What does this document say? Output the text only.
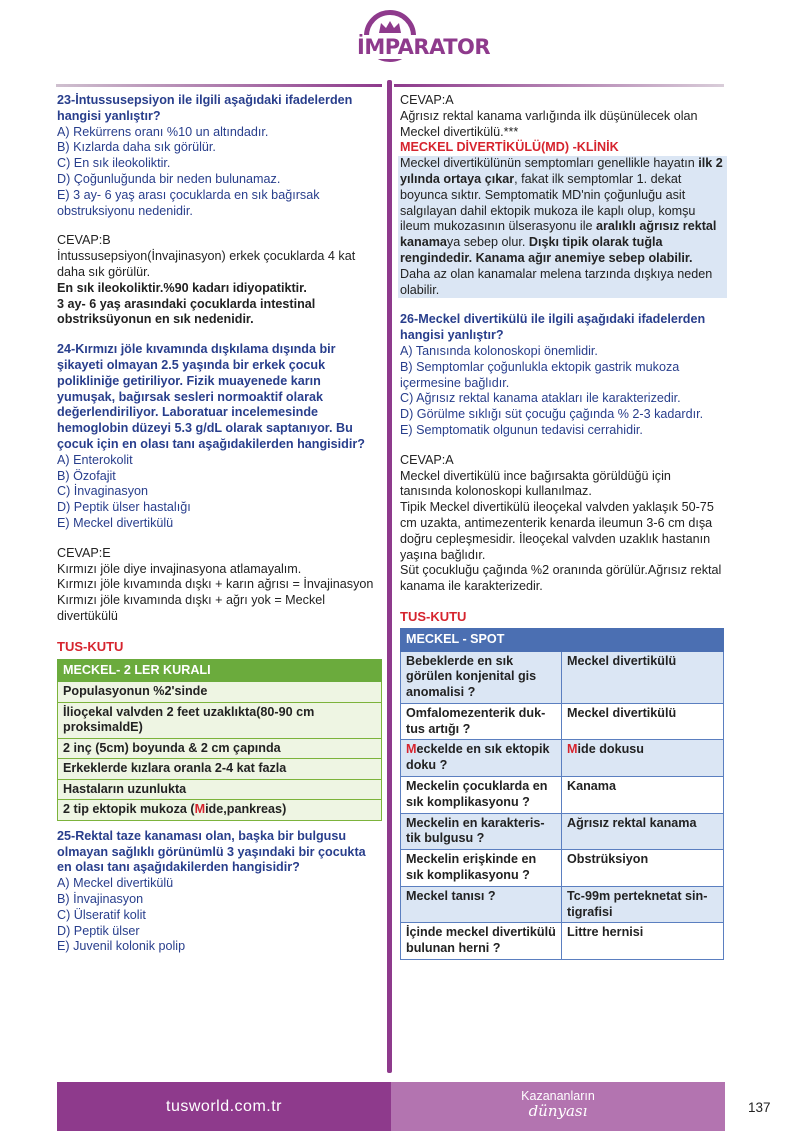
İMPARATOR

23-İntussusepsiyon ile ilgili aşağıdaki ifadelerden hangisi yanlıştır?

A) Rekürrens oranı %10 un altındadır.

B) Kızlarda daha sık görülür.

C) En sık ileokoliktir.

D) Çoğunluğunda bir neden bulunamaz.

E) 3 ay- 6 yaş arası çocuklarda en sık bağırsak obstruksiyonu nedenidir.

CEVAP:B

İntussusepsiyon(İnvajinasyon) erkek çocuklarda 4 kat daha sık görülür.

En sık ileokoliktir.%90 kadarı idiyopatiktir.

3 ay- 6 yaş arasındaki çocuklarda intestinal obstriksüyonun en sık nedenidir.

24-Kırmızı jöle kıvamında dışkılama dışında bir şikayeti olmayan 2.5 yaşında bir erkek çocuk polikliniğe getiriliyor. Fizik muayenede karın yumuşak, bağırsak sesleri normoaktif olarak değerlendiriliyor. Laboratuar incelemesinde hemoglobin düzeyi 5.3 g/dL olarak saptanıyor. Bu çocuk için en olası tanı aşağıdakilerden hangisidir?

A) Enterokolit

B) Özofajit

C) İnvaginasyon

D) Peptik ülser hastalığı

E) Meckel divertikülü

CEVAP:E

Kırmızı jöle diye invajinasyona atlamayalım.

Kırmızı jöle kıvamında dışkı + karın ağrısı = İnvajinasyon

Kırmızı jöle kıvamında dışkı + ağrı yok = Meckel divertükülü

TUS-KUTU

MECKEL- 2 LER KURALI
Populasyonun %2'sinde
İlioçekal valvden 2 feet uzaklıkta(80-90 cm proksimaldE)
2 inç (5cm) boyunda & 2 cm çapında
Erkeklerde kızlara oranla 2-4 kat fazla
Hastaların uzunlukta
2 tip ektopik mukoza (Mide,pankreas)

25-Rektal taze kanaması olan, başka bir bulgusu olmayan sağlıklı görünümlü 3 yaşındaki bir çocukta en olası tanı aşağıdakilerden hangisidir?

A) Meckel divertikülü

B) İnvajinasyon

C) Ülseratif kolit

D) Peptik ülser

E) Juvenil kolonik polip

CEVAP:A

Ağrısız rektal kanama varlığında ilk düşünülecek olan Meckel divertikülü.***

MECKEL DİVERTİKÜLÜ(MD) -KLİNİK

Meckel divertikülünün semptomları genellikle hayatın ilk 2 yılında ortaya çıkar, fakat ilk semptomlar 1. dekat boyunca sıktır. Semptomatik MD'nin çoğunluğu asit salgılayan dahil ektopik mukoza ile kaplı olup, komşu ileum mukozasının ülserasyonu ile aralıklı ağrısız rektal kanamaya sebep olur. Dışkı tipik olarak tuğla rengindedir. Kanama ağır anemiye sebep olabilir. Daha az olan kanamalar melena tarzında dışkıya neden olabilir.

26-Meckel divertikülü ile ilgili aşağıdaki ifadelerden hangisi yanlıştır?

A) Tanısında kolonoskopi önemlidir.

B) Semptomlar çoğunlukla ektopik gastrik mukoza içermesine bağlıdır.

C) Ağrısız rektal kanama atakları ile karakterizedir.

D) Görülme sıklığı süt çocuğu çağında % 2-3 kadardır.

E) Semptomatik olgunun tedavisi cerrahidir.

CEVAP:A

Meckel divertikülü ince bağırsakta görüldüğü için tanısında kolonoskopi kullanılmaz.

Tipik Meckel divertikülü ileoçekal valvden yaklaşık 50-75 cm uzakta, antimezenterik kenarda ileumun 3-6 cm dışa doğru cepleşmesidir. İleoçekal valvden uzaklık hastanın yaşına bağlıdır.

Süt çocukluğu çağında %2 oranında görülür.Ağrısız rektal kanama ile karakterizedir.

TUS-KUTU

MECKEL - SPOT	
Bebeklerde en sık görülen konjenital gis anomalisi ?	Meckel divertikülü
Omfalomezenterik duk-tus artığı ?	Meckel divertikülü
Meckelde en sık ektopik doku ?	Mide dokusu
Meckelin çocuklarda en sık komplikasyonu ?	Kanama
Meckelin en karakteris-tik bulgusu ?	Ağrısız rektal kanama
Meckelin erişkinde en sık komplikasyonu ?	Obstrüksiyon
Meckel tanısı ?	Tc-99m perteknetat sin-tigrafisi
İçinde meckel divertikülü bulunan herni ?	Littre hernisi
tusworld.com.tr
Kazananların
dünyası	137
